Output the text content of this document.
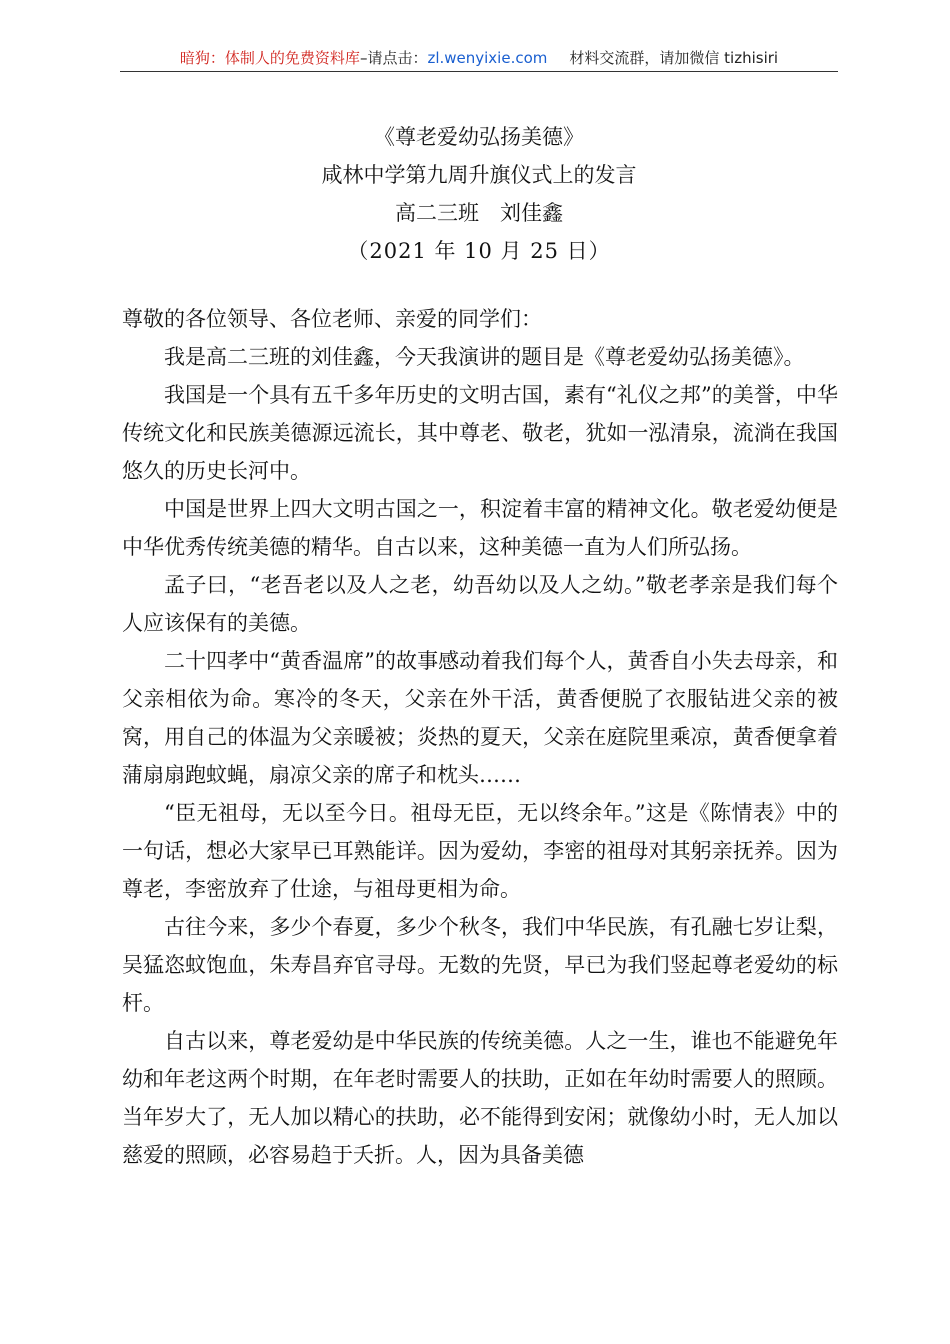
暗狗：体制人的免费资料库–请点击：zl.wenyixie.com 材料交流群，请加微信 tizhisiri
《尊老爱幼弘扬美德》
咸林中学第九周升旗仪式上的发言
高二三班　刘佳鑫
（2021 年 10 月 25 日）

尊敬的各位领导、各位老师、亲爱的同学们：

我是高二三班的刘佳鑫，今天我演讲的题目是《尊老爱幼弘扬美德》。

我国是一个具有五千多年历史的文明古国，素有“礼仪之邦”的美誉，中华传统文化和民族美德源远流长，其中尊老、敬老，犹如一泓清泉，流淌在我国悠久的历史长河中。

中国是世界上四大文明古国之一，积淀着丰富的精神文化。敬老爱幼便是中华优秀传统美德的精华。自古以来，这种美德一直为人们所弘扬。

孟子曰，“老吾老以及人之老，幼吾幼以及人之幼。”敬老孝亲是我们每个人应该保有的美德。

二十四孝中“黄香温席”的故事感动着我们每个人，黄香自小失去母亲，和父亲相依为命。寒冷的冬天，父亲在外干活，黄香便脱了衣服钻进父亲的被窝，用自己的体温为父亲暖被；炎热的夏天，父亲在庭院里乘凉，黄香便拿着蒲扇扇跑蚊蝇，扇凉父亲的席子和枕头……

“臣无祖母，无以至今日。祖母无臣，无以终余年。”这是《陈情表》中的一句话，想必大家早已耳熟能详。因为爱幼，李密的祖母对其躬亲抚养。因为尊老，李密放弃了仕途，与祖母更相为命。

古往今来，多少个春夏，多少个秋冬，我们中华民族，有孔融七岁让梨，吴猛恣蚊饱血，朱寿昌弃官寻母。无数的先贤，早已为我们竖起尊老爱幼的标杆。

自古以来，尊老爱幼是中华民族的传统美德。人之一生，谁也不能避免年幼和年老这两个时期，在年老时需要人的扶助，正如在年幼时需要人的照顾。当年岁大了，无人加以精心的扶助，必不能得到安闲；就像幼小时，无人加以慈爱的照顾，必容易趋于夭折。人，因为具备美德
